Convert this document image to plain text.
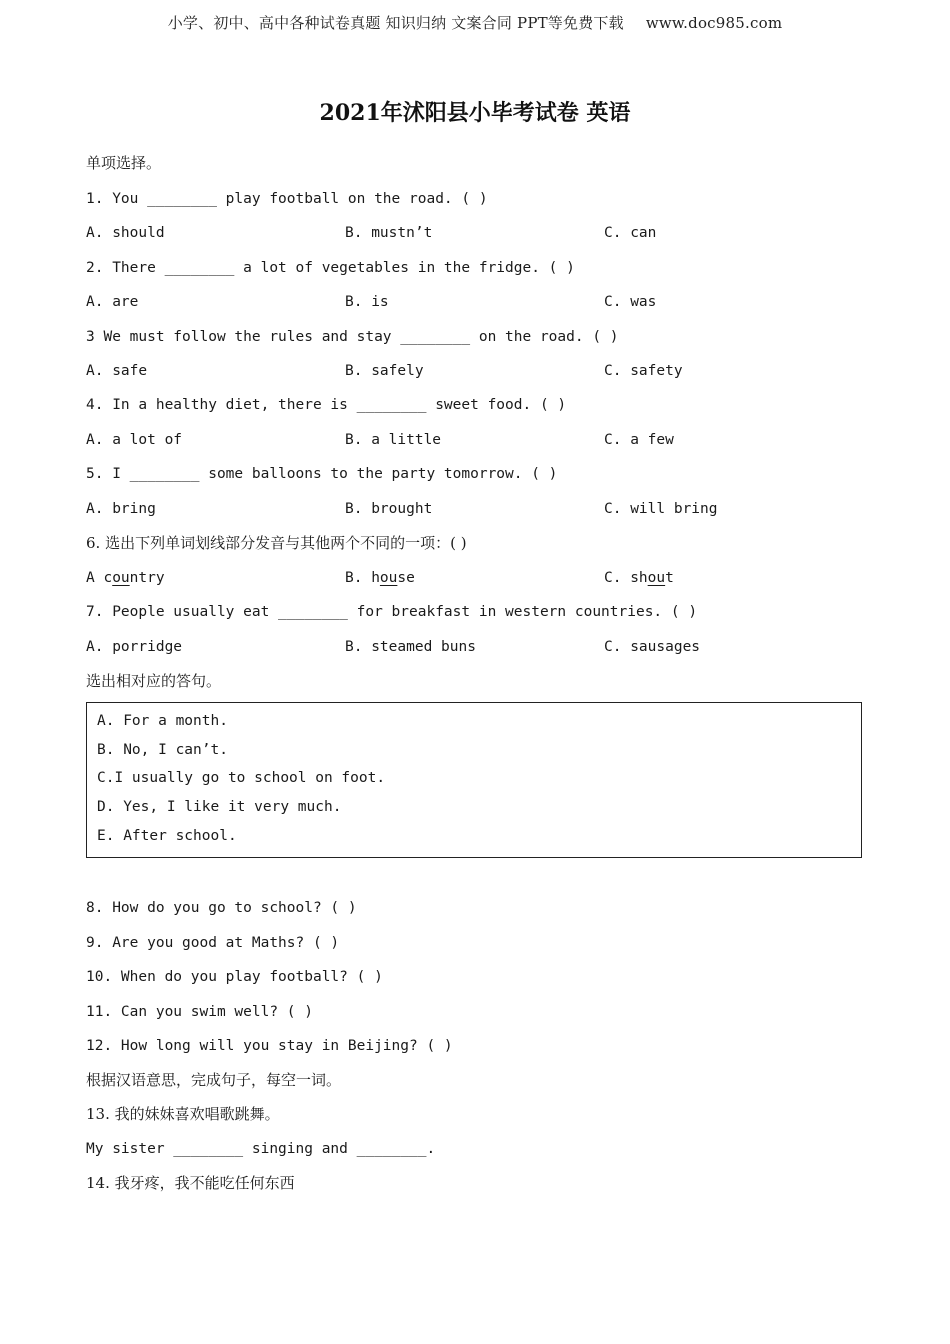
小学、初中、高中各种试卷真题 知识归纳 文案合同 PPT等免费下载 www.doc985.com
2021年沭阳县小毕考试卷 英语
单项选择。
1. You ________ play football on the road. ( )
A. should	B. mustn’t	C. can
2. There ________ a lot of vegetables in the fridge. ( )
A. are	B. is	C. was
3 We must follow the rules and stay ________ on the road. ( )
A. safe	B. safely	C. safety
4. In a healthy diet, there is ________ sweet food. ( )
A. a lot of	B. a little	C. a few
5. I ________ some balloons to the party tomorrow. ( )
A. bring	B. brought	C. will bring
6. 选出下列单词划线部分发音与其他两个不同的一项：( )
A country	B. house	C. shout
7. People usually eat ________ for breakfast in western countries. ( )
A. porridge	B. steamed buns	C. sausages
选出相对应的答句。
A. For a month.
B. No, I can’t.
C.I usually go to school on foot.
D. Yes, I like it very much.
E. After school.
8. How do you go to school? ( )
9. Are you good at Maths? ( )
10. When do you play football? ( )
11. Can you swim well? ( )
12. How long will you stay in Beijing? ( )
根据汉语意思，完成句子，每空一词。
13. 我的妹妹喜欢唱歌跳舞。
My sister ________ singing and ________.
14. 我牙疼，我不能吃任何东西
